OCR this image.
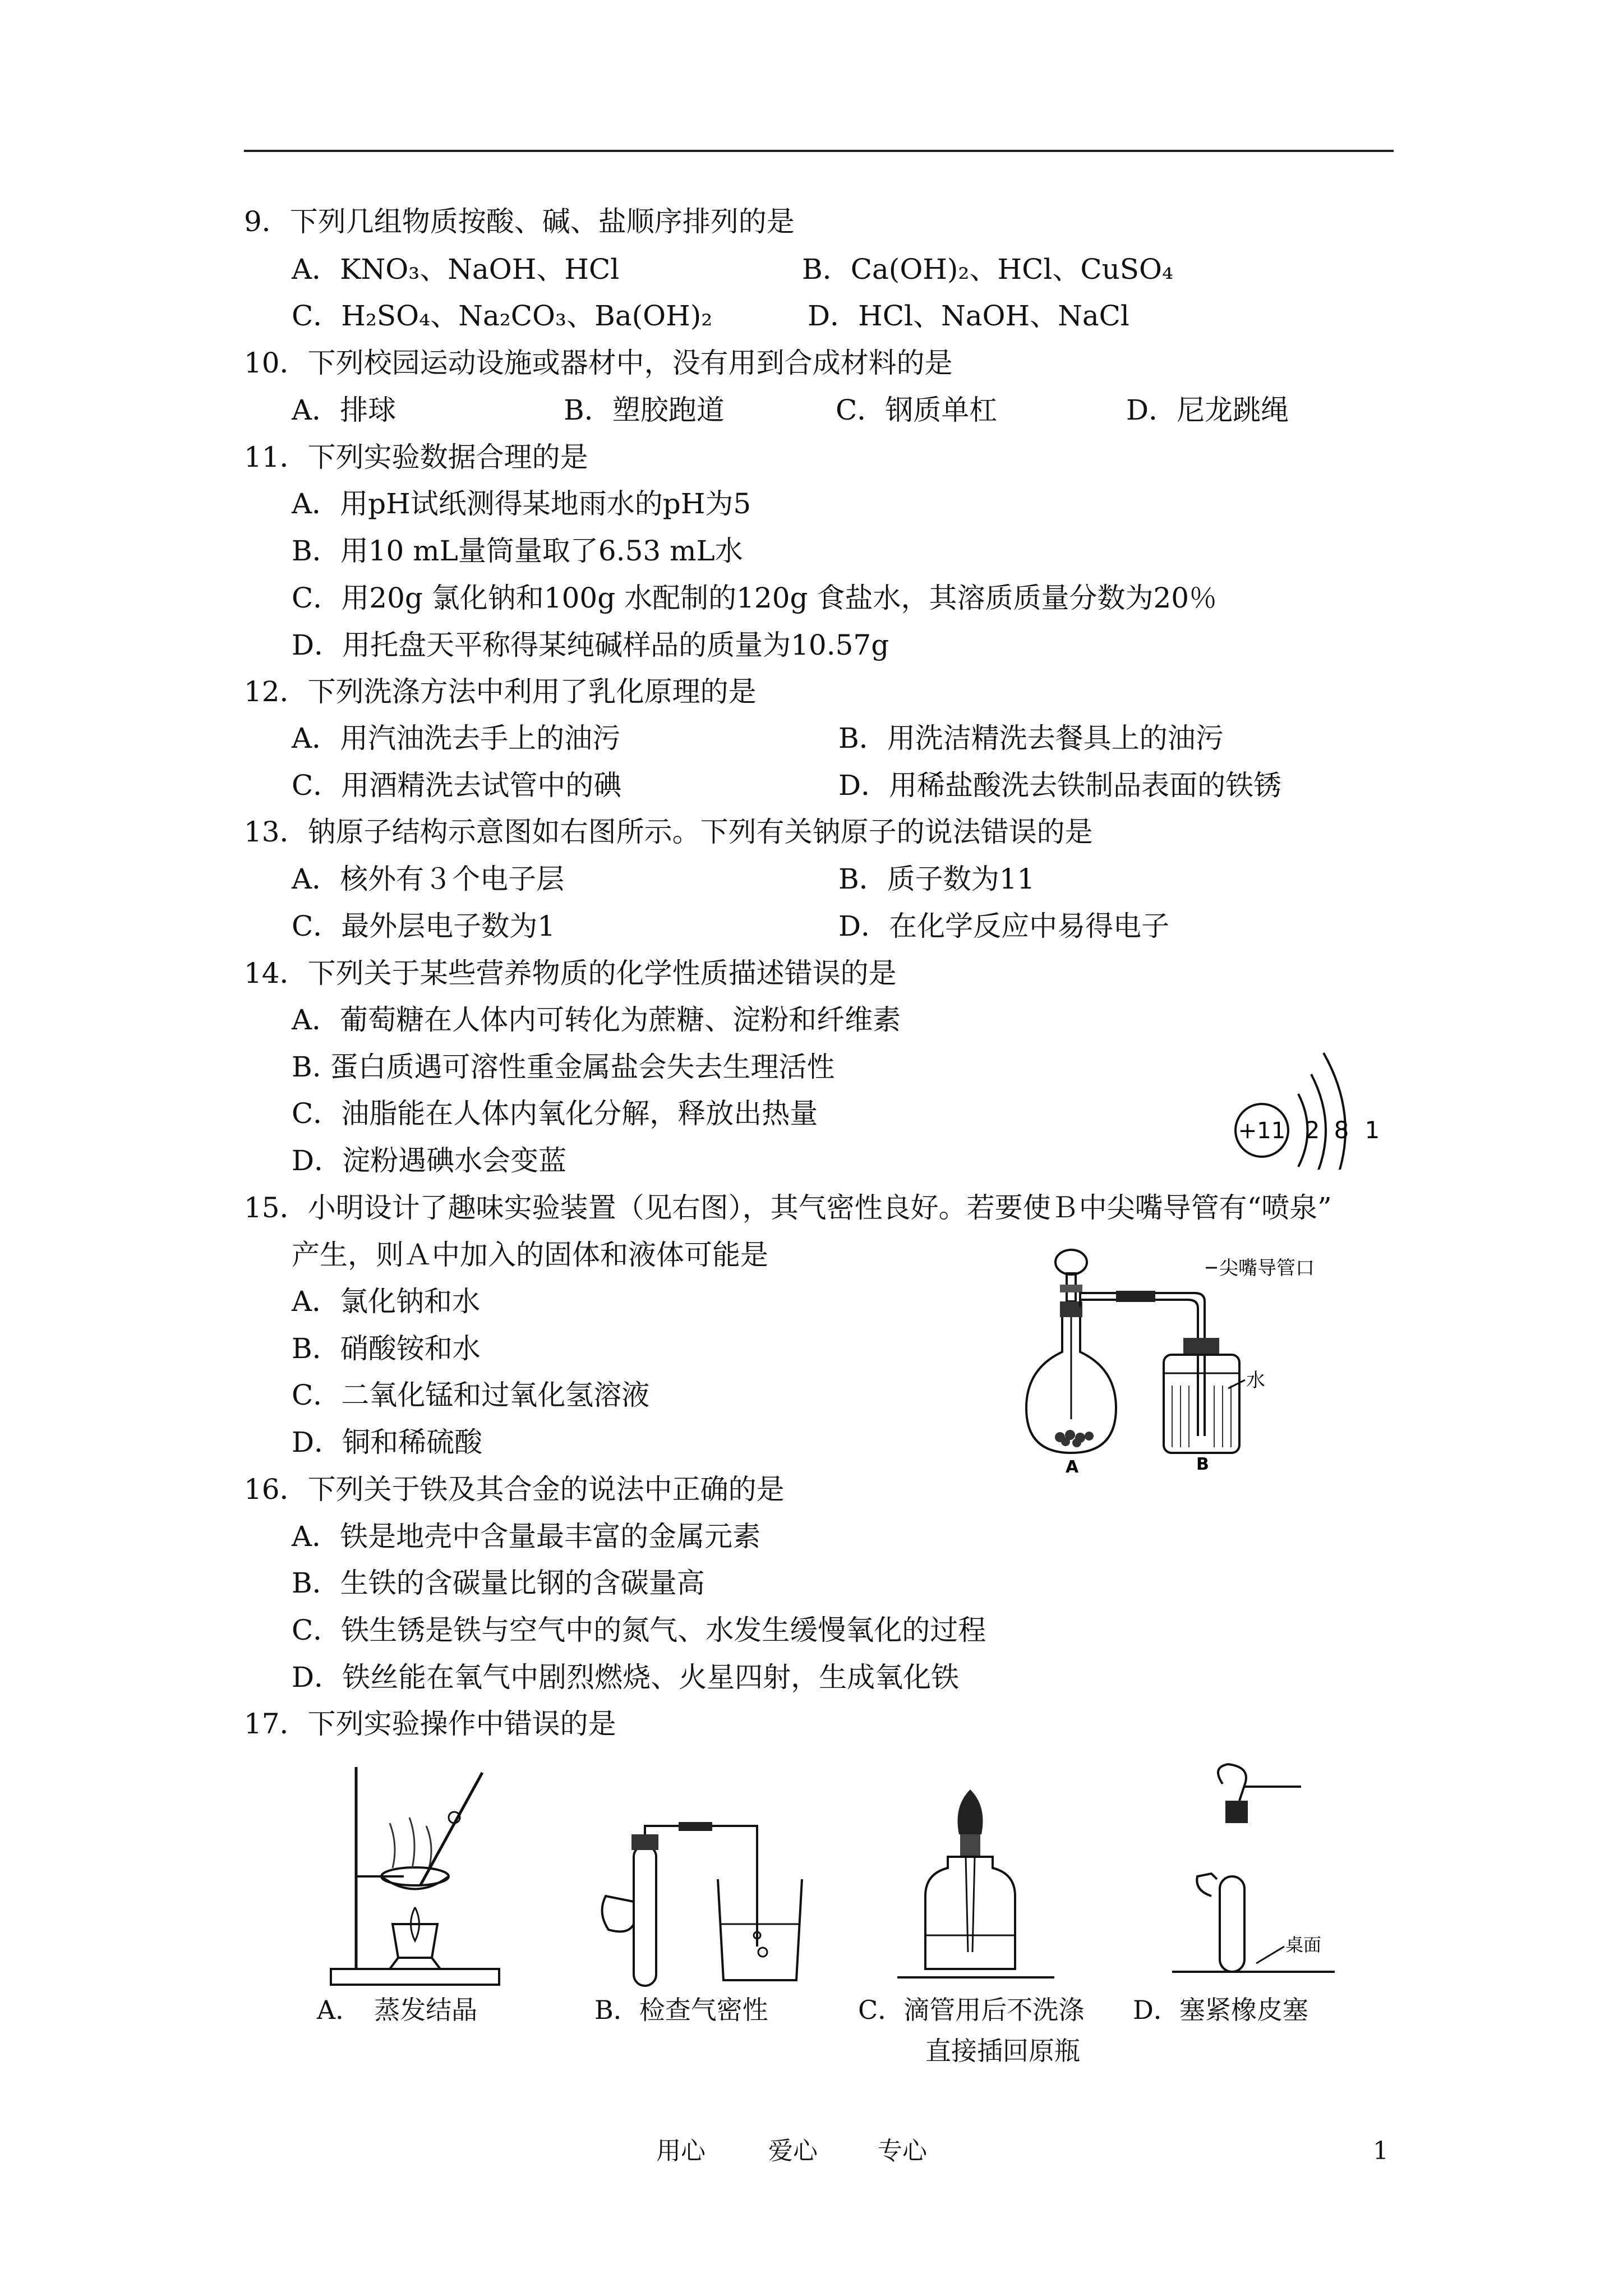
9．下列几组物质按酸、碱、盐顺序排列的是
A．KNO₃、NaOH、HCl	B．Ca(OH)₂、HCl、CuSO₄
C．H₂SO₄、Na₂CO₃、Ba(OH)₂	D．HCl、NaOH、NaCl
10．下列校园运动设施或器材中，没有用到合成材料的是
A．排球	B．塑胶跑道	C．钢质单杠	D．尼龙跳绳
11．下列实验数据合理的是
A．用pH试纸测得某地雨水的pH为5
B．用10 mL量筒量取了6.53 mL水
C．用20g 氯化钠和100g 水配制的120g 食盐水，其溶质质量分数为20％
D．用托盘天平称得某纯碱样品的质量为10.57g
12．下列洗涤方法中利用了乳化原理的是
A．用汽油洗去手上的油污	B．用洗洁精洗去餐具上的油污
C．用酒精洗去试管中的碘	D．用稀盐酸洗去铁制品表面的铁锈
13．钠原子结构示意图如右图所示。下列有关钠原子的说法错误的是
A．核外有３个电子层	B．质子数为11
C．最外层电子数为1	D．在化学反应中易得电子
14．下列关于某些营养物质的化学性质描述错误的是
A．葡萄糖在人体内可转化为蔗糖、淀粉和纤维素
B. 蛋白质遇可溶性重金属盐会失去生理活性
C．油脂能在人体内氧化分解，释放出热量
D．淀粉遇碘水会变蓝
+11 2 8 1
15．小明设计了趣味实验装置（见右图），其气密性良好。若要使Ｂ中尖嘴导管有“喷泉”
产生，则Ａ中加入的固体和液体可能是
A．氯化钠和水
B．硝酸铵和水
C．二氧化锰和过氧化氢溶液
D．铜和稀硫酸
尖嘴导管口
水
A	B
16．下列关于铁及其合金的说法中正确的是
A．铁是地壳中含量最丰富的金属元素
B．生铁的含碳量比钢的含碳量高
C．铁生锈是铁与空气中的氮气、水发生缓慢氧化的过程
D．铁丝能在氧气中剧烈燃烧、火星四射，生成氧化铁
17．下列实验操作中错误的是
A．　蒸发结晶	B．检查气密性	C．滴管用后不洗涤
直接插回原瓶
桌面
D．塞紧橡皮塞
用心	爱心 专心	1
